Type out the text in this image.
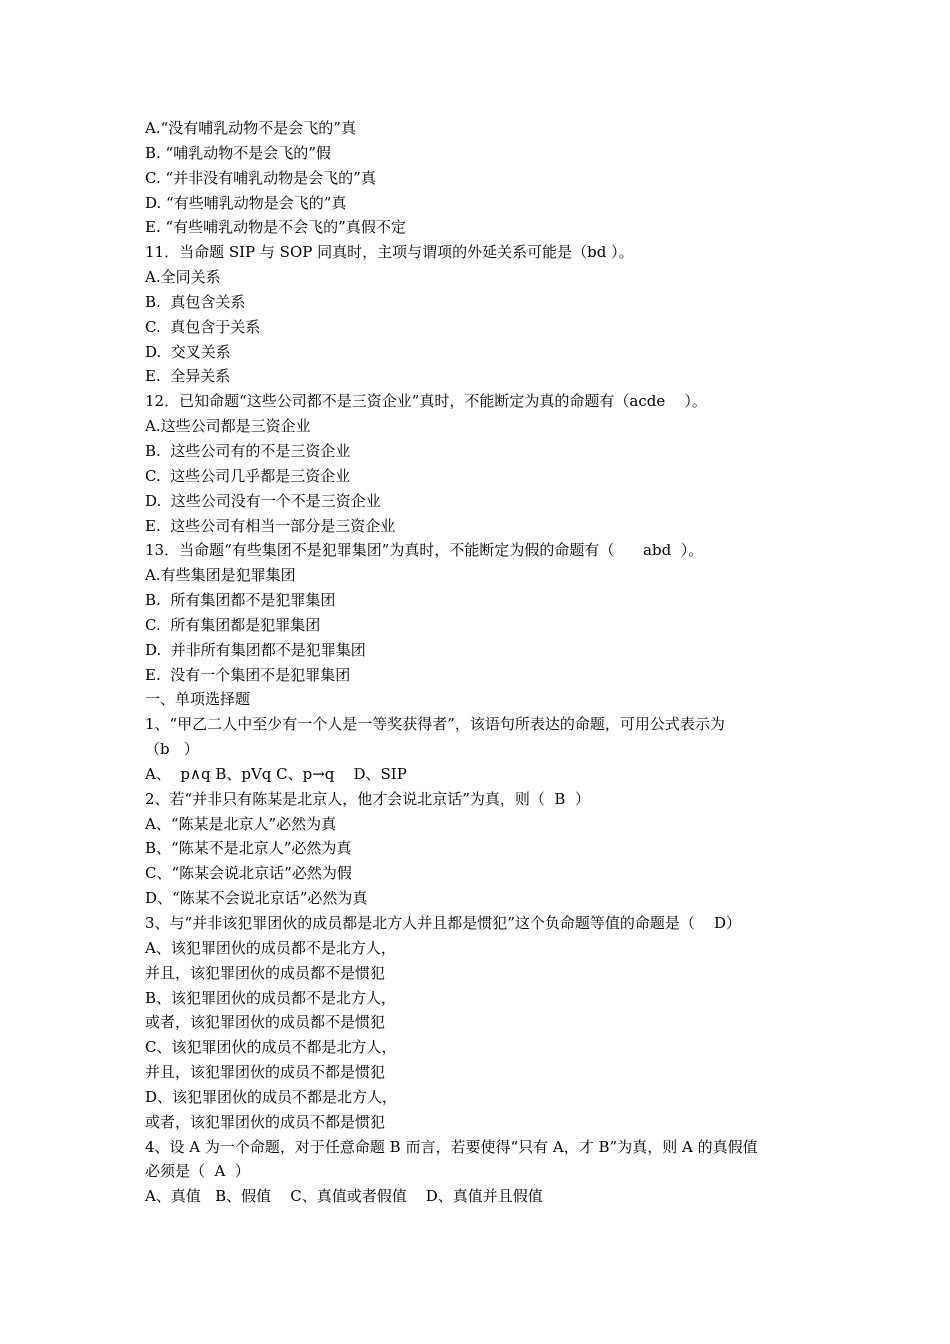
A.“没有哺乳动物不是会飞的”真
B. “哺乳动物不是会飞的”假
C. “并非没有哺乳动物是会飞的”真
D. “有些哺乳动物是会飞的”真
E. “有些哺乳动物是不会飞的”真假不定
11．当命题 SIP 与 SOP 同真时，主项与谓项的外延关系可能是（bd ）。
A.全同关系
B.  真包含关系
C.  真包含于关系
D.  交叉关系
E.  全异关系
12．已知命题“这些公司都不是三资企业”真时，不能断定为真的命题有（acde    ）。
A.这些公司都是三资企业
B.  这些公司有的不是三资企业
C.  这些公司几乎都是三资企业
D.  这些公司没有一个不是三资企业
E.  这些公司有相当一部分是三资企业
13．当命题“有些集团不是犯罪集团”为真时，不能断定为假的命题有（      abd  ）。
A.有些集团是犯罪集团
B.  所有集团都不是犯罪集团
C.  所有集团都是犯罪集团
D.  并非所有集团都不是犯罪集团
E.  没有一个集团不是犯罪集团
一、单项选择题
1、“甲乙二人中至少有一个人是一等奖获得者”，该语句所表达的命题，可用公式表示为
（b   ）
A、  p∧q B、pVq C、p→q    D、SIP
2、若“并非只有陈某是北京人，他才会说北京话”为真，则（  B  ）
A、“陈某是北京人”必然为真
B、“陈某不是北京人”必然为真
C、“陈某会说北京话”必然为假
D、“陈某不会说北京话”必然为真
3、与“并非该犯罪团伙的成员都是北方人并且都是惯犯”这个负命题等值的命题是（    D）
A、该犯罪团伙的成员都不是北方人，
并且，该犯罪团伙的成员都不是惯犯
B、该犯罪团伙的成员都不是北方人，
或者，该犯罪团伙的成员都不是惯犯
C、该犯罪团伙的成员不都是北方人，
并且，该犯罪团伙的成员不都是惯犯
D、该犯罪团伙的成员不都是北方人，
或者，该犯罪团伙的成员不都是惯犯
4、设 A 为一个命题，对于任意命题 B 而言，若要使得“只有 A，才 B”为真，则 A 的真假值
必须是（  A  ）
A、真值   B、假值    C、真值或者假值    D、真值并且假值
